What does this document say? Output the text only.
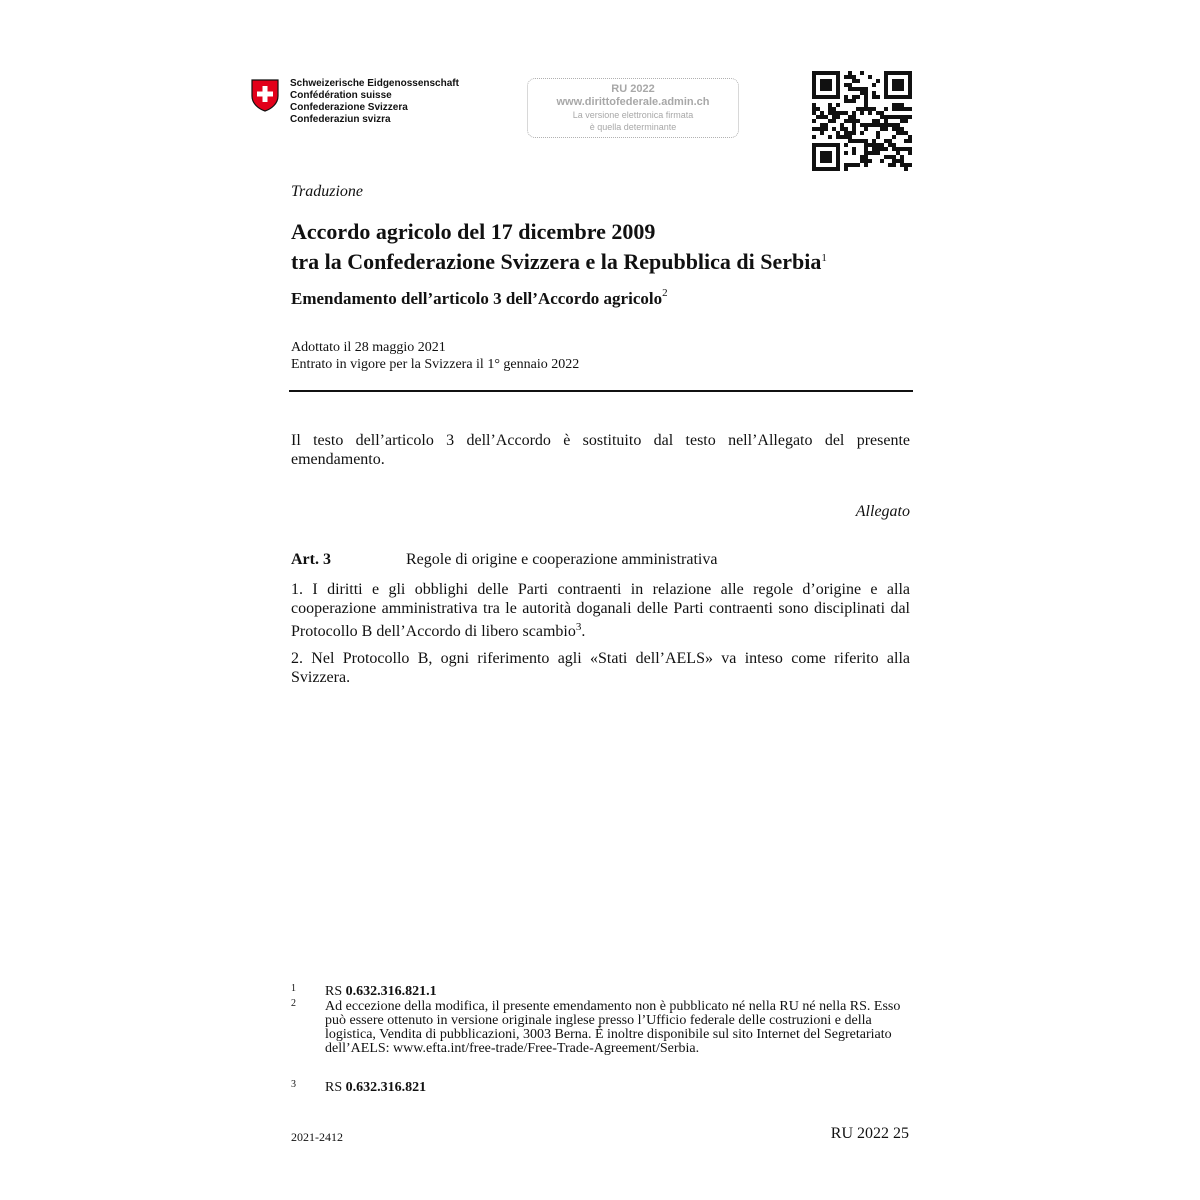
Schweizerische Eidgenossenschaft
Confédération suisse
Confederazione Svizzera
Confederaziun svizra
RU 2022
www.dirittofederale.admin.ch
La versione elettronica firmata
è quella determinante
Traduzione
Accordo agricolo del 17 dicembre 2009
tra la Confederazione Svizzera e la Repubblica di Serbia$^1$
Emendamento dell’articolo 3 dell’Accordo agricolo$^2$
Adottato il 28 maggio 2021
Entrato in vigore per la Svizzera il 1° gennaio 2022
Il testo dell’articolo 3 dell’Accordo è sostituito dal testo nell’Allegato del presente emendamento.
Allegato
Art. 3	Regole di origine e cooperazione amministrativa
1. I diritti e gli obblighi delle Parti contraenti in relazione alle regole d’origine e alla cooperazione amministrativa tra le autorità doganali delle Parti contraenti sono disciplinati dal Protocollo B dell’Accordo di libero scambio$^3$.
2. Nel Protocollo B, ogni riferimento agli «Stati dell’AELS» va inteso come riferito alla Svizzera.
1 RS 0.632.316.821.1
2 Ad eccezione della modifica, il presente emendamento non è pubblicato né nella RU né nella RS. Esso può essere ottenuto in versione originale inglese presso l’Ufficio federale delle costruzioni e della logistica, Vendita di pubblicazioni, 3003 Berna. È inoltre disponibile sul sito Internet del Segretariato dell’AELS: www.efta.int/free-trade/Free-Trade-Agreement/Serbia.
3 RS 0.632.316.821
2021-2412	RU 2022 25
